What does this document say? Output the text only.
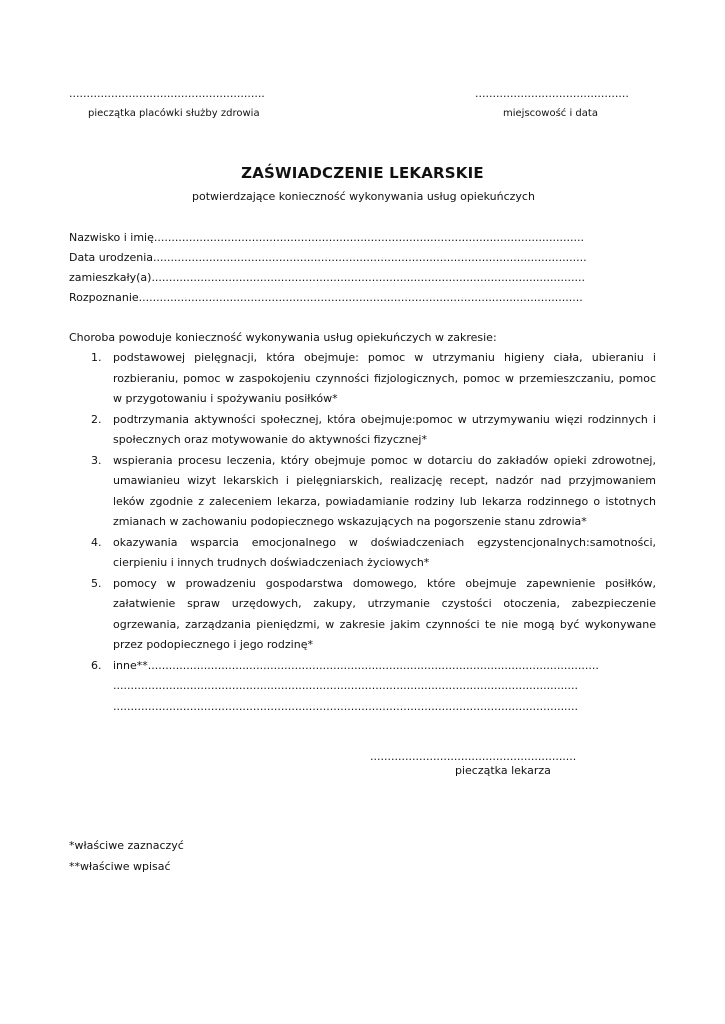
........................................................
pieczątka placówki służby zdrowia
............................................
miejscowość i data
ZAŚWIADCZENIE LEKARSKIE
potwierdzające konieczność wykonywania usług opiekuńczych
Nazwisko i imię...........................................................................................................................
Data urodzenia............................................................................................................................
zamieszkały(a)............................................................................................................................
Rozpoznanie...............................................................................................................................
Choroba powoduje konieczność wykonywania usług opiekuńczych w zakresie:
1. podstawowej pielęgnacji, która obejmuje: pomoc w utrzymaniu higieny ciała, ubieraniu i rozbieraniu, pomoc w zaspokojeniu czynności fizjologicznych, pomoc w przemieszczaniu, pomoc w przygotowaniu i spożywaniu posiłków*
2. podtrzymania aktywności społecznej, która obejmuje:pomoc w utrzymywaniu więzi rodzinnych i społecznych oraz motywowanie do aktywności fizycznej*
3. wspierania procesu leczenia, który obejmuje pomoc w dotarciu do zakładów opieki zdrowotnej, umawianieu wizyt lekarskich i pielęgniarskich, realizację recept, nadzór nad przyjmowaniem leków zgodnie z zaleceniem lekarza, powiadamianie rodziny lub lekarza rodzinnego o istotnych zmianach w zachowaniu podopiecznego wskazujących na pogorszenie stanu zdrowia*
4. okazywania wsparcia emocjonalnego w doświadczeniach egzystencjonalnych:samotności, cierpieniu i innych trudnych doświadczeniach życiowych*
5. pomocy w prowadzeniu gospodarstwa domowego, które obejmuje zapewnienie posiłków, załatwienie spraw urzędowych, zakupy, utrzymanie czystości otoczenia, zabezpieczenie ogrzewania, zarządzania pieniędzmi, w zakresie jakim czynności te nie mogą być wykonywane przez podopiecznego i jego rodzinę*
6. inne**.................................................................................................................................
.....................................................................................................................................
.....................................................................................................................................
...........................................................
pieczątka lekarza
*właściwe zaznaczyć
**właściwe wpisać
